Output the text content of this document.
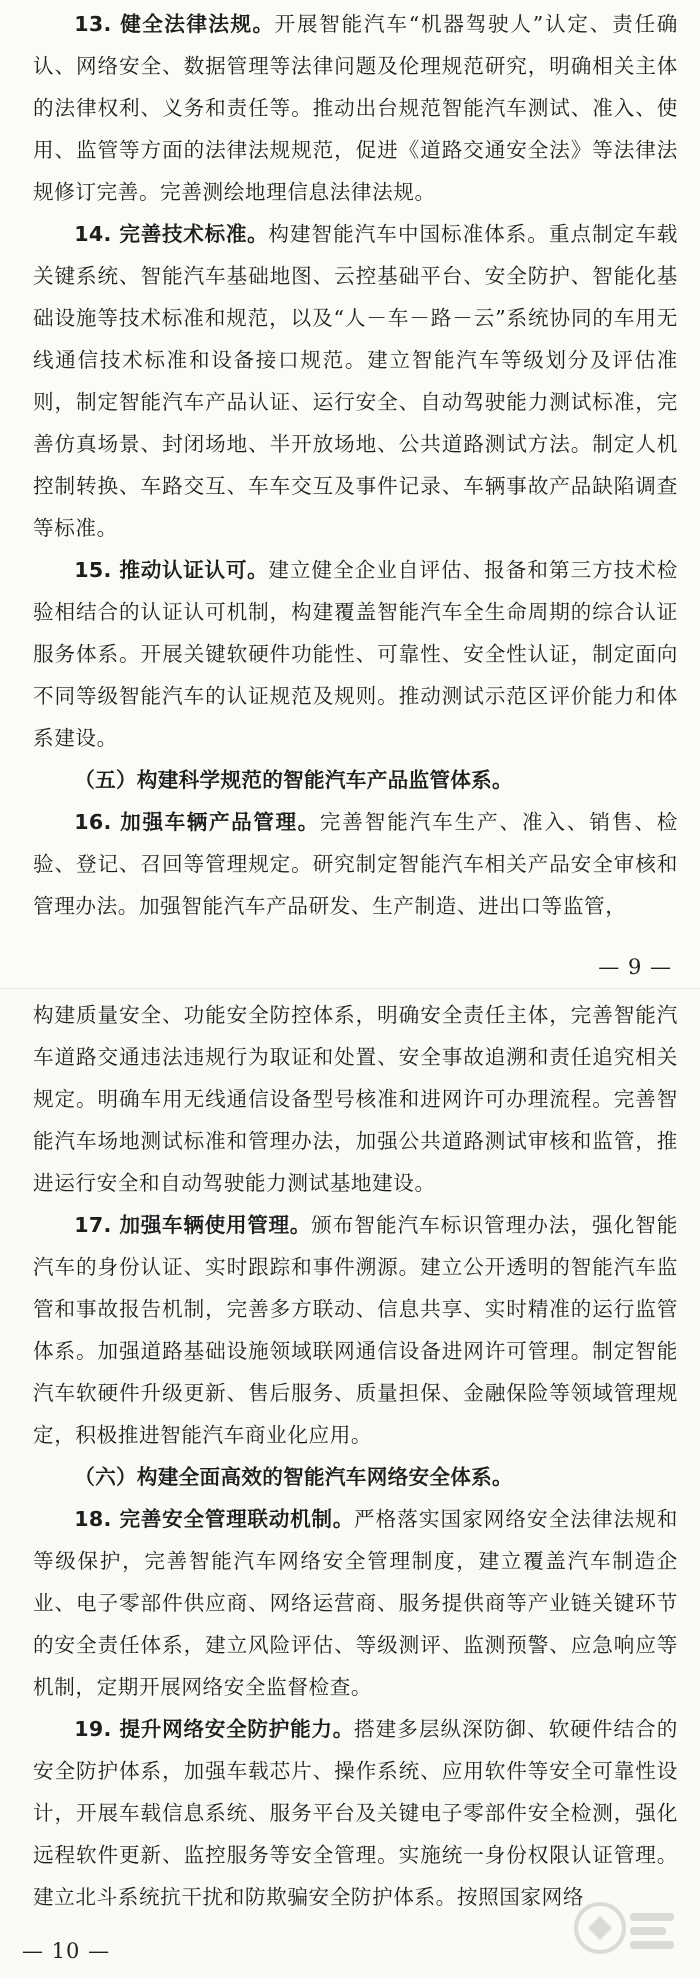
13. 健全法律法规。开展智能汽车“机器驾驶人”认定、责任确认、网络安全、数据管理等法律问题及伦理规范研究，明确相关主体的法律权利、义务和责任等。推动出台规范智能汽车测试、准入、使用、监管等方面的法律法规规范，促进《道路交通安全法》等法律法规修订完善。完善测绘地理信息法律法规。

14. 完善技术标准。构建智能汽车中国标准体系。重点制定车载关键系统、智能汽车基础地图、云控基础平台、安全防护、智能化基础设施等技术标准和规范，以及“人－车－路－云”系统协同的车用无线通信技术标准和设备接口规范。建立智能汽车等级划分及评估准则，制定智能汽车产品认证、运行安全、自动驾驶能力测试标准，完善仿真场景、封闭场地、半开放场地、公共道路测试方法。制定人机控制转换、车路交互、车车交互及事件记录、车辆事故产品缺陷调查等标准。

15. 推动认证认可。建立健全企业自评估、报备和第三方技术检验相结合的认证认可机制，构建覆盖智能汽车全生命周期的综合认证服务体系。开展关键软硬件功能性、可靠性、安全性认证，制定面向不同等级智能汽车的认证规范及规则。推动测试示范区评价能力和体系建设。

（五）构建科学规范的智能汽车产品监管体系。

16. 加强车辆产品管理。完善智能汽车生产、准入、销售、检验、登记、召回等管理规定。研究制定智能汽车相关产品安全审核和管理办法。加强智能汽车产品研发、生产制造、进出口等监管，

— 9 —

构建质量安全、功能安全防控体系，明确安全责任主体，完善智能汽车道路交通违法违规行为取证和处置、安全事故追溯和责任追究相关规定。明确车用无线通信设备型号核准和进网许可办理流程。完善智能汽车场地测试标准和管理办法，加强公共道路测试审核和监管，推进运行安全和自动驾驶能力测试基地建设。

17. 加强车辆使用管理。颁布智能汽车标识管理办法，强化智能汽车的身份认证、实时跟踪和事件溯源。建立公开透明的智能汽车监管和事故报告机制，完善多方联动、信息共享、实时精准的运行监管体系。加强道路基础设施领域联网通信设备进网许可管理。制定智能汽车软硬件升级更新、售后服务、质量担保、金融保险等领域管理规定，积极推进智能汽车商业化应用。

（六）构建全面高效的智能汽车网络安全体系。

18. 完善安全管理联动机制。严格落实国家网络安全法律法规和等级保护，完善智能汽车网络安全管理制度，建立覆盖汽车制造企业、电子零部件供应商、网络运营商、服务提供商等产业链关键环节的安全责任体系，建立风险评估、等级测评、监测预警、应急响应等机制，定期开展网络安全监督检查。

19. 提升网络安全防护能力。搭建多层纵深防御、软硬件结合的安全防护体系，加强车载芯片、操作系统、应用软件等安全可靠性设计，开展车载信息系统、服务平台及关键电子零部件安全检测，强化远程软件更新、监控服务等安全管理。实施统一身份权限认证管理。建立北斗系统抗干扰和防欺骗安全防护体系。按照国家网络

— 10 —
